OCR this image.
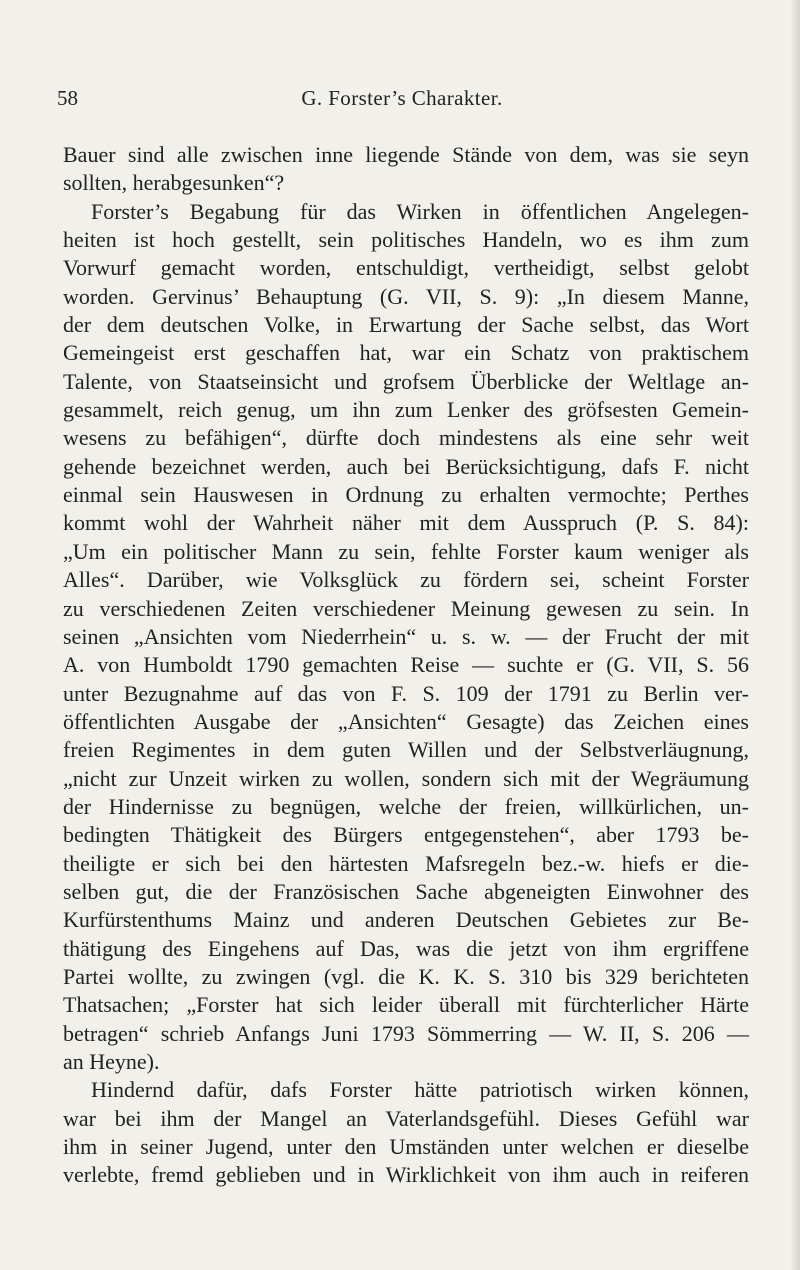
58	G. Forster’s Charakter.
Bauer sind alle zwischen inne liegende Stände von dem, was sie seyn
sollten, herabgesunken“?
Forster’s Begabung für das Wirken in öffentlichen Angelegen-
heiten ist hoch gestellt, sein politisches Handeln, wo es ihm zum
Vorwurf gemacht worden, entschuldigt, vertheidigt, selbst gelobt
worden. Gervinus’ Behauptung (G. VII, S. 9): „In diesem Manne,
der dem deutschen Volke, in Erwartung der Sache selbst, das Wort
Gemeingeist erst geschaffen hat, war ein Schatz von praktischem
Talente, von Staatseinsicht und grofsem Überblicke der Weltlage an-
gesammelt, reich genug, um ihn zum Lenker des gröfsesten Gemein-
wesens zu befähigen“, dürfte doch mindestens als eine sehr weit
gehende bezeichnet werden, auch bei Berücksichtigung, dafs F. nicht
einmal sein Hauswesen in Ordnung zu erhalten vermochte; Perthes
kommt wohl der Wahrheit näher mit dem Ausspruch (P. S. 84):
„Um ein politischer Mann zu sein, fehlte Forster kaum weniger als
Alles“. Darüber, wie Volksglück zu fördern sei, scheint Forster
zu verschiedenen Zeiten verschiedener Meinung gewesen zu sein. In
seinen „Ansichten vom Niederrhein“ u. s. w. — der Frucht der mit
A. von Humboldt 1790 gemachten Reise — suchte er (G. VII, S. 56
unter Bezugnahme auf das von F. S. 109 der 1791 zu Berlin ver-
öffentlichten Ausgabe der „Ansichten“ Gesagte) das Zeichen eines
freien Regimentes in dem guten Willen und der Selbstverläugnung,
„nicht zur Unzeit wirken zu wollen, sondern sich mit der Wegräumung
der Hindernisse zu begnügen, welche der freien, willkürlichen, un-
bedingten Thätigkeit des Bürgers entgegenstehen“, aber 1793 be-
theiligte er sich bei den härtesten Mafsregeln bez.-w. hiefs er die-
selben gut, die der Französischen Sache abgeneigten Einwohner des
Kurfürstenthums Mainz und anderen Deutschen Gebietes zur Be-
thätigung des Eingehens auf Das, was die jetzt von ihm ergriffene
Partei wollte, zu zwingen (vgl. die K. K. S. 310 bis 329 berichteten
Thatsachen; „Forster hat sich leider überall mit fürchterlicher Härte
betragen“ schrieb Anfangs Juni 1793 Sömmerring — W. II, S. 206 —
an Heyne).
Hindernd dafür, dafs Forster hätte patriotisch wirken können,
war bei ihm der Mangel an Vaterlandsgefühl. Dieses Gefühl war
ihm in seiner Jugend, unter den Umständen unter welchen er dieselbe
verlebte, fremd geblieben und in Wirklichkeit von ihm auch in reiferen
